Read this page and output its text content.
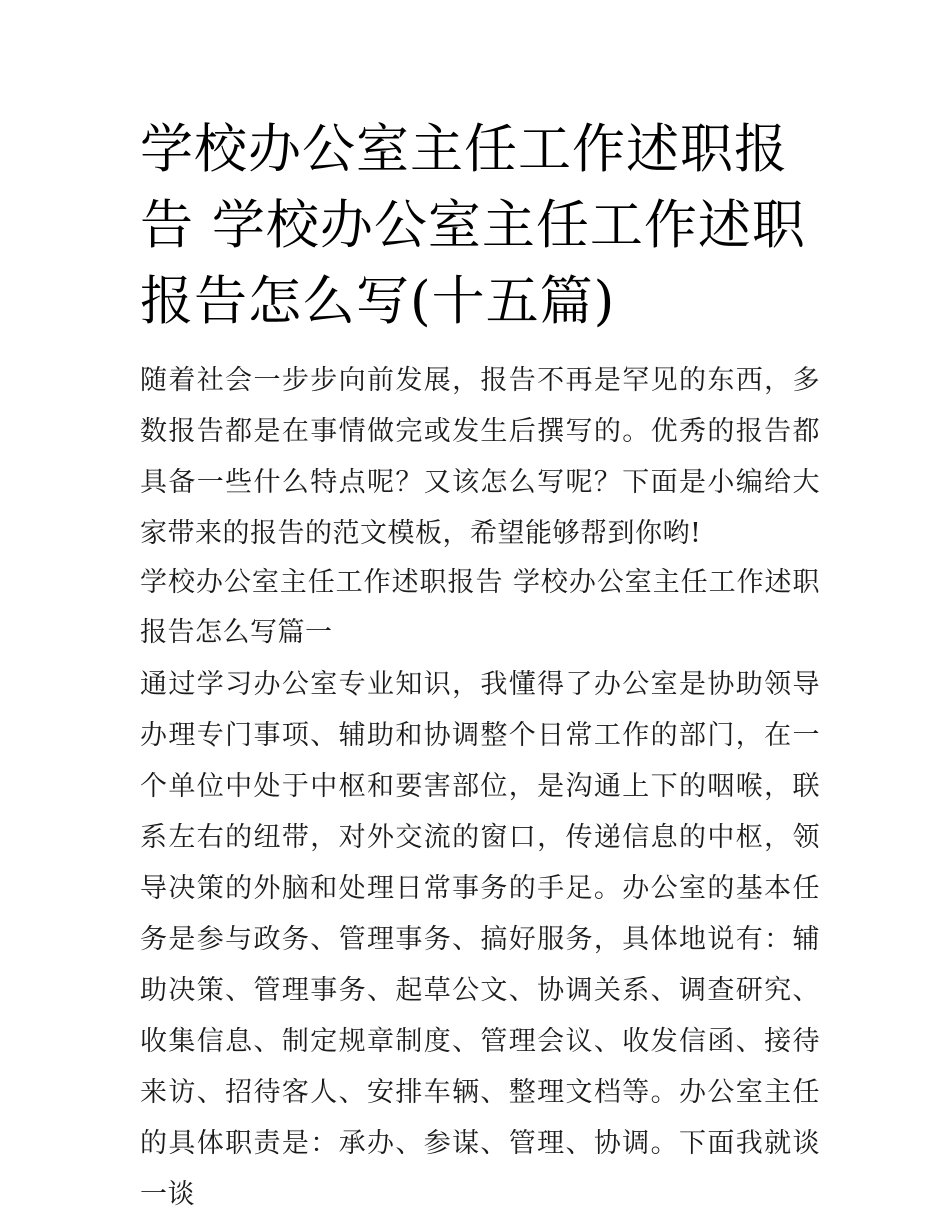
学校办公室主任工作述职报告 学校办公室主任工作述职报告怎么写(十五篇)

随着社会一步步向前发展，报告不再是罕见的东西，多数报告都是在事情做完或发生后撰写的。优秀的报告都具备一些什么特点呢？又该怎么写呢？下面是小编给大家带来的报告的范文模板，希望能够帮到你哟!

学校办公室主任工作述职报告 学校办公室主任工作述职报告怎么写篇一

通过学习办公室专业知识，我懂得了办公室是协助领导办理专门事项、辅助和协调整个日常工作的部门，在一个单位中处于中枢和要害部位，是沟通上下的咽喉，联系左右的纽带，对外交流的窗口，传递信息的中枢，领导决策的外脑和处理日常事务的手足。办公室的基本任务是参与政务、管理事务、搞好服务，具体地说有：辅助决策、管理事务、起草公文、协调关系、调查研究、收集信息、制定规章制度、管理会议、收发信函、接待来访、招待客人、安排车辆、整理文档等。办公室主任的具体职责是：承办、参谋、管理、协调。下面我就谈一谈
